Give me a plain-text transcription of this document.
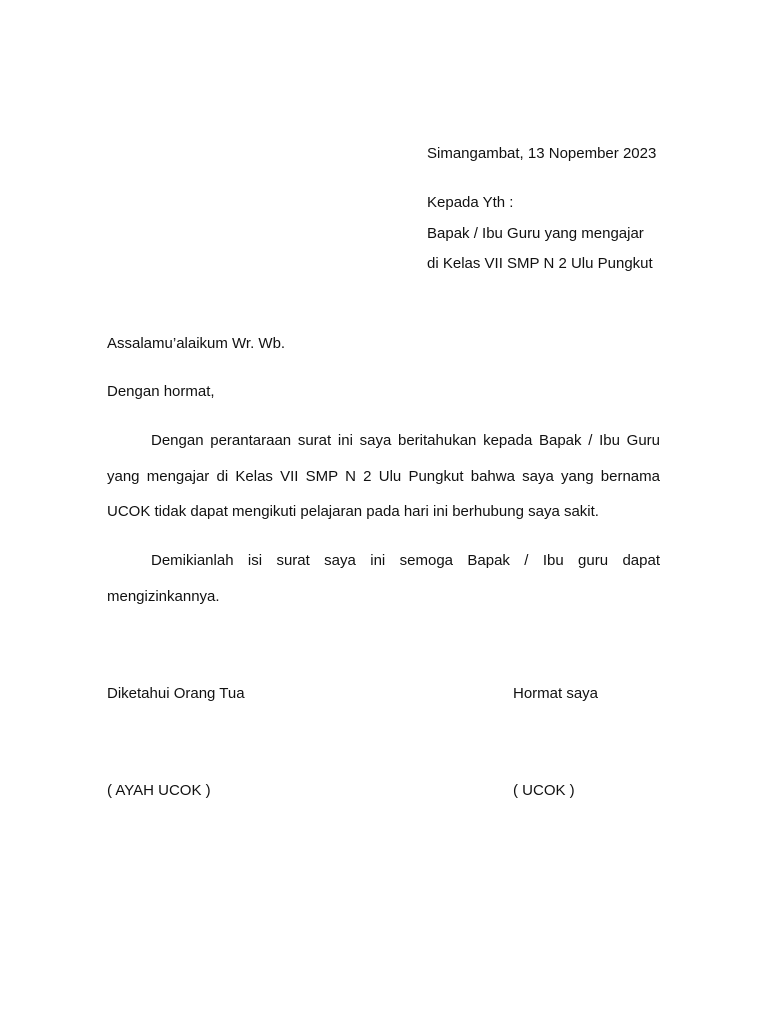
Simangambat, 13 Nopember 2023
Kepada Yth :
Bapak / Ibu Guru yang mengajar
di Kelas VII SMP N 2 Ulu Pungkut
Assalamu’alaikum Wr. Wb.
Dengan hormat,
Dengan perantaraan surat ini saya beritahukan kepada Bapak / Ibu Guru yang mengajar di Kelas VII SMP N 2 Ulu Pungkut bahwa saya yang bernama UCOK tidak dapat mengikuti pelajaran pada hari ini berhubung saya sakit.
Demikianlah isi surat saya ini semoga Bapak / Ibu guru dapat mengizinkannya.
Diketahui Orang Tua	Hormat saya
( AYAH UCOK )	( UCOK )
